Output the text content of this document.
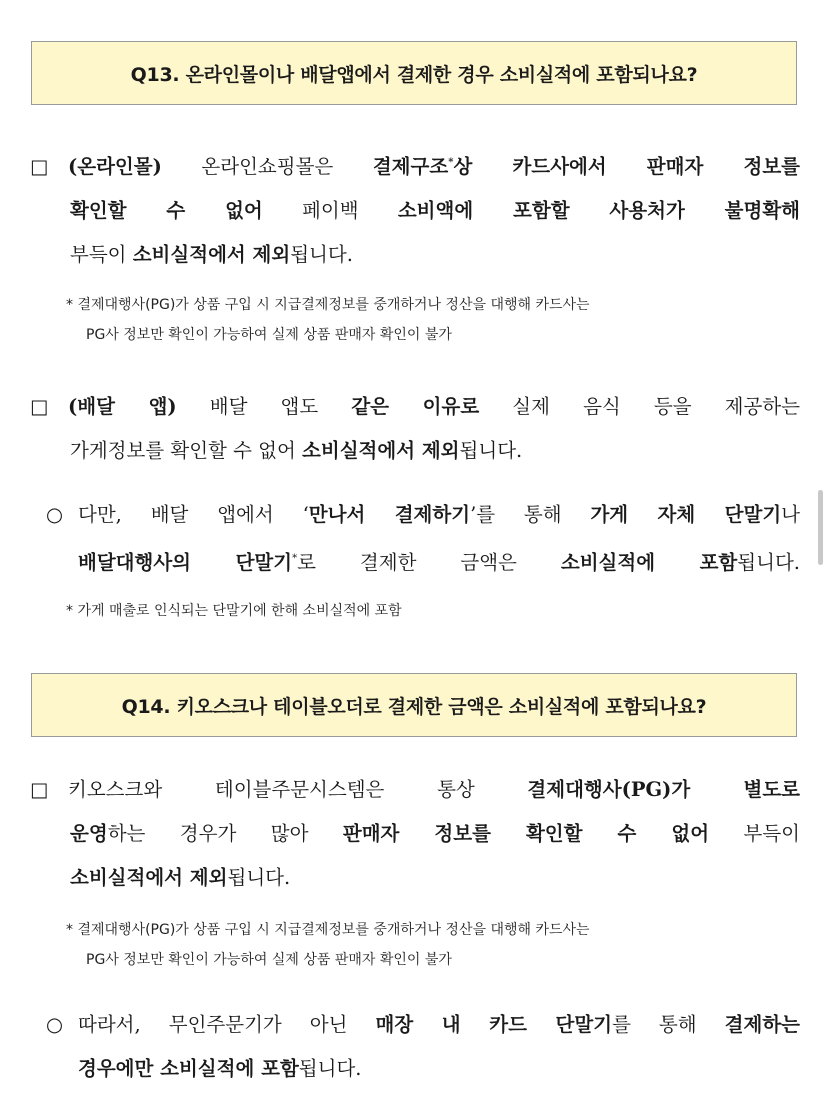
Q13. 온라인몰이나 배달앱에서 결제한 경우 소비실적에 포함되나요?
□ (온라인몰) 온라인쇼핑몰은 결제구조*상 카드사에서 판매자 정보를
확인할 수 없어 페이백 소비액에 포함할 사용처가 불명확해
부득이 소비실적에서 제외됩니다.
* 결제대행사(PG)가 상품 구입 시 지급결제정보를 중개하거나 정산을 대행해 카드사는
PG사 정보만 확인이 가능하여 실제 상품 판매자 확인이 불가
□ (배달 앱) 배달 앱도 같은 이유로 실제 음식 등을 제공하는
가게정보를 확인할 수 없어 소비실적에서 제외됩니다.
○ 다만, 배달 앱에서 ‘만나서 결제하기’를 통해 가게 자체 단말기나
배달대행사의 단말기*로 결제한 금액은 소비실적에 포함됩니다.
* 가게 매출로 인식되는 단말기에 한해 소비실적에 포함
Q14. 키오스크나 테이블오더로 결제한 금액은 소비실적에 포함되나요?
□ 키오스크와 테이블주문시스템은 통상 결제대행사(PG)가 별도로
운영하는 경우가 많아 판매자 정보를 확인할 수 없어 부득이
소비실적에서 제외됩니다.
* 결제대행사(PG)가 상품 구입 시 지급결제정보를 중개하거나 정산을 대행해 카드사는
PG사 정보만 확인이 가능하여 실제 상품 판매자 확인이 불가
○ 따라서, 무인주문기가 아닌 매장 내 카드 단말기를 통해 결제하는
경우에만 소비실적에 포함됩니다.
